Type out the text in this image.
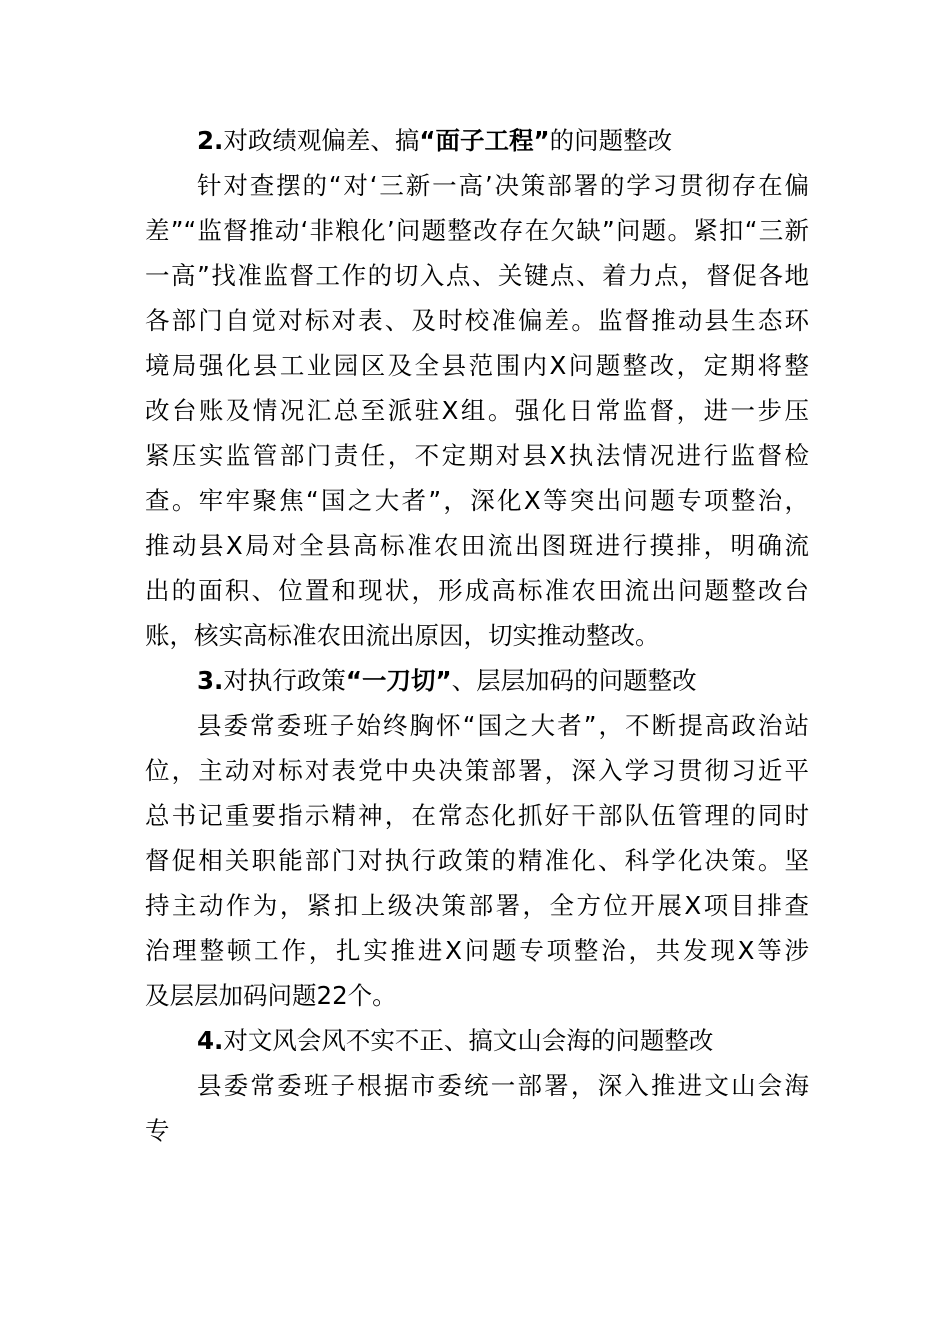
2.对政绩观偏差、搞“面子工程”的问题整改
针对查摆的“对‘三新一高’决策部署的学习贯彻存在偏
差”“监督推动‘非粮化’问题整改存在欠缺”问题。紧扣“三新
一高”找准监督工作的切入点、关键点、着力点，督促各地
各部门自觉对标对表、及时校准偏差。监督推动县生态环
境局强化县工业园区及全县范围内X问题整改，定期将整
改台账及情况汇总至派驻X组。强化日常监督，进一步压
紧压实监管部门责任，不定期对县X执法情况进行监督检
查。牢牢聚焦“国之大者”，深化X等突出问题专项整治，
推动县X局对全县高标准农田流出图斑进行摸排，明确流
出的面积、位置和现状，形成高标准农田流出问题整改台
账，核实高标准农田流出原因，切实推动整改。
3.对执行政策“一刀切”、层层加码的问题整改
县委常委班子始终胸怀“国之大者”，不断提高政治站
位，主动对标对表党中央决策部署，深入学习贯彻习近平
总书记重要指示精神，在常态化抓好干部队伍管理的同时
督促相关职能部门对执行政策的精准化、科学化决策。坚
持主动作为，紧扣上级决策部署，全方位开展X项目排查
治理整顿工作，扎实推进X问题专项整治，共发现X等涉
及层层加码问题22个。
4.对文风会风不实不正、搞文山会海的问题整改
县委常委班子根据市委统一部署，深入推进文山会海
专
